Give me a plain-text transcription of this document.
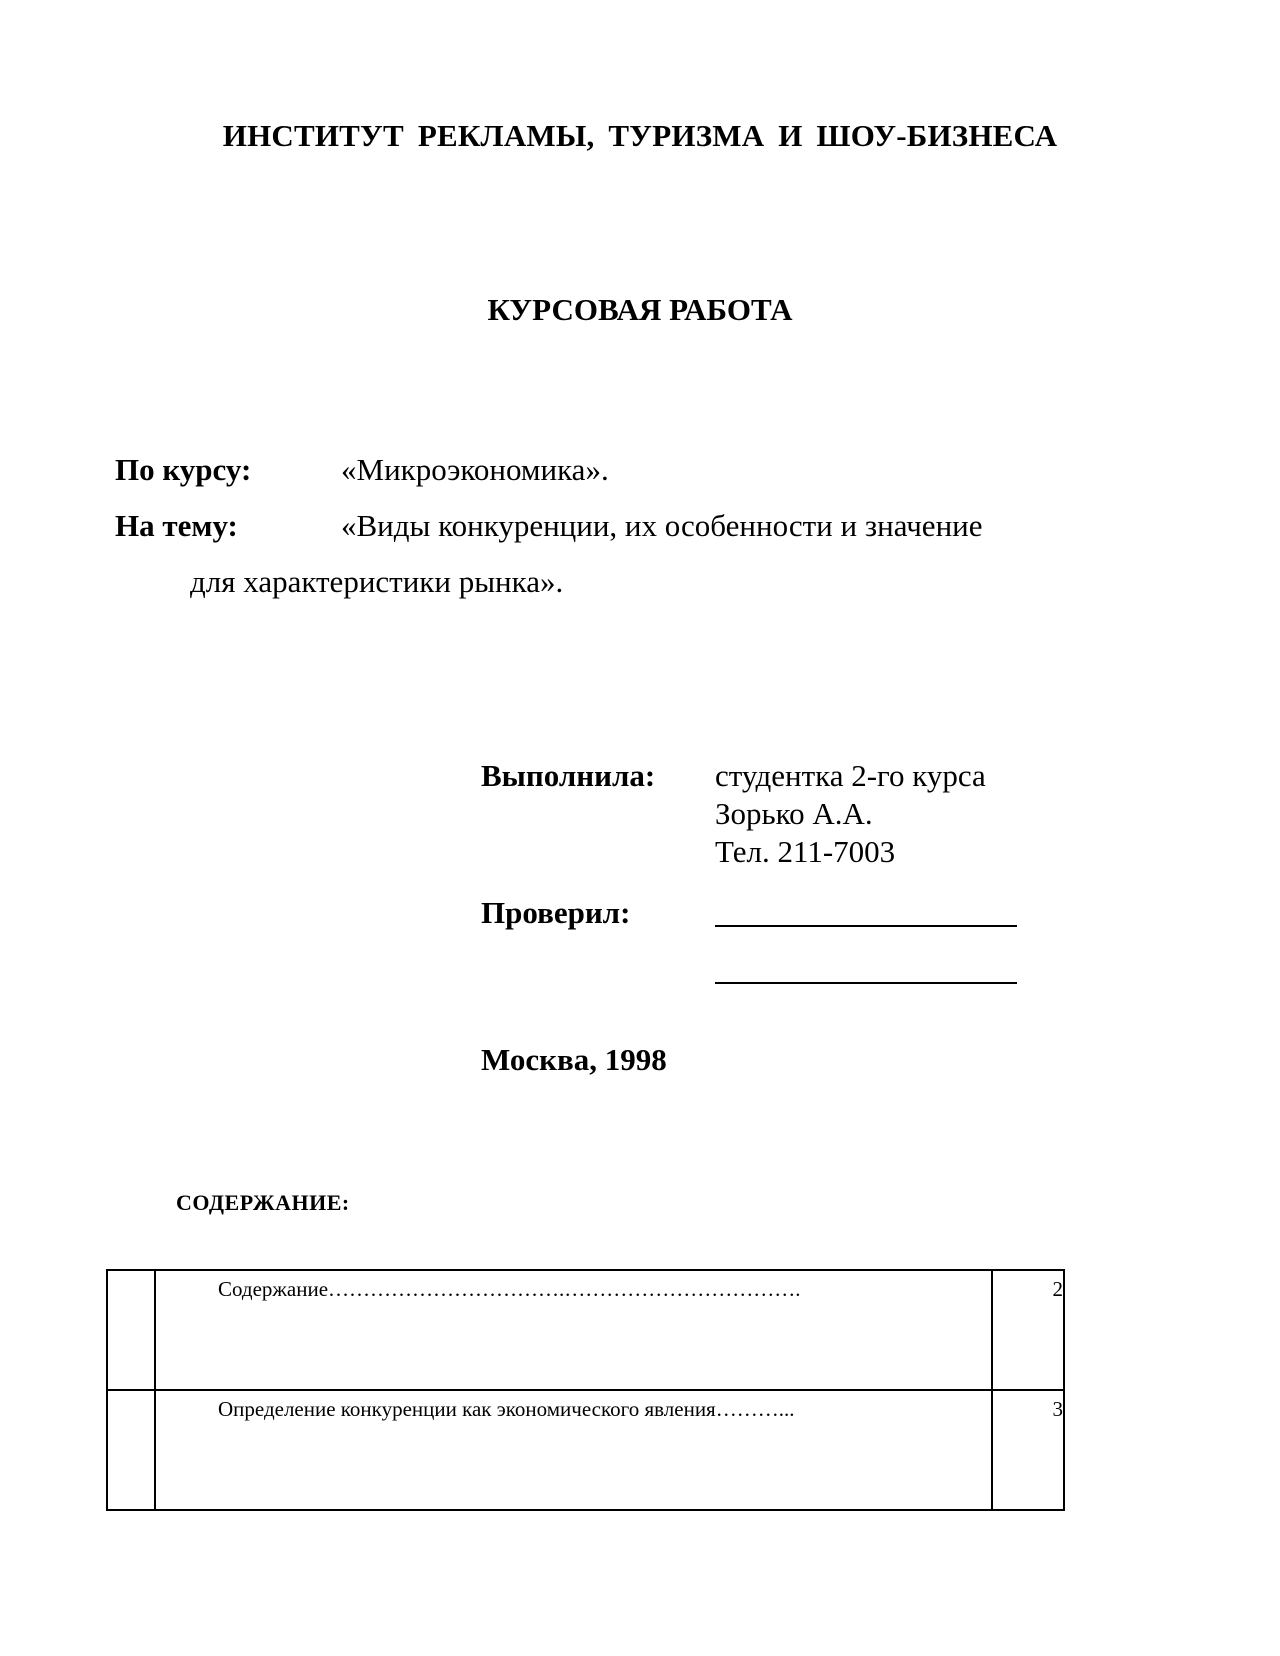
ИНСТИТУТ РЕКЛАМЫ, ТУРИЗМА И ШОУ-БИЗНЕСА
КУРСОВАЯ РАБОТА
По курсу:	«Микроэкономика».
На тему:	«Виды конкуренции, их особенности и значение
для характеристики рынка».
Выполнила: студентка 2-го курса
Зорько А.А.
Тел. 211-7003
Проверил:
Москва, 1998
СОДЕРЖАНИЕ:

	Содержание…………………………….…………………………….	2

	Определение конкуренции как экономического явления………...	3
